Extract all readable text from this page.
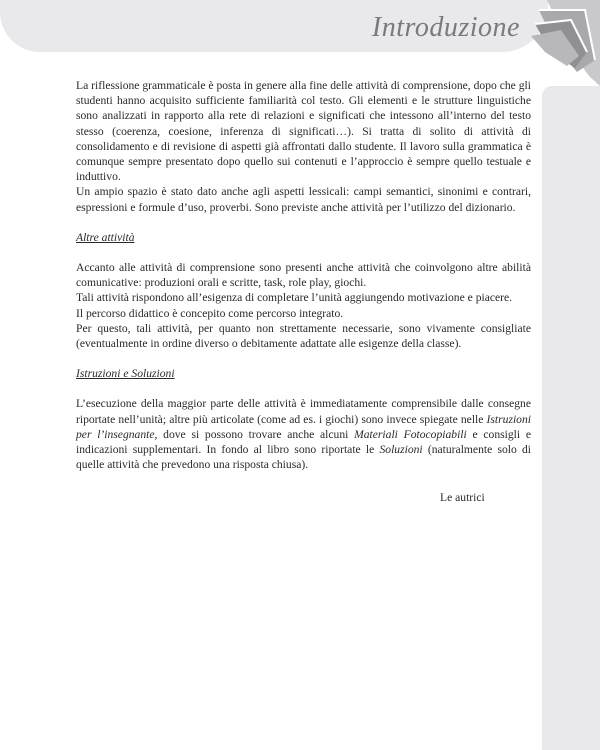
Introduzione

La riflessione grammaticale è posta in genere alla fine delle attività di comprensione, dopo che gli studenti hanno acquisito sufficiente familiarità col testo. Gli elementi e le strutture linguistiche sono analizzati in rapporto alla rete di relazioni e significati che intessono all’interno del testo stesso (coerenza, coesione, inferenza di significati…). Si tratta di solito di attività di consolidamento e di revisione di aspetti già affrontati dallo studente. Il lavoro sulla grammatica è comunque sempre presentato dopo quello sui contenuti e l’approccio è sempre quello testuale e induttivo.

Un ampio spazio è stato dato anche agli aspetti lessicali: campi semantici, sinonimi e contrari, espressioni e formule d’uso, proverbi. Sono previste anche attività per l’utilizzo del dizionario.

Altre attività

Accanto alle attività di comprensione sono presenti anche attività che coinvolgono altre abilità comunicative: produzioni orali e scritte, task, role play, giochi.

Tali attività rispondono all’esigenza di completare l’unità aggiungendo motivazione e piacere.

Il percorso didattico è concepito come percorso integrato.

Per questo, tali attività, per quanto non strettamente necessarie, sono vivamente consigliate (eventualmente in ordine diverso o debitamente adattate alle esigenze della classe).

Istruzioni e Soluzioni

L’esecuzione della maggior parte delle attività è immediatamente comprensibile dalle consegne riportate nell’unità; altre più articolate (come ad es. i giochi) sono invece spiegate nelle Istruzioni per l’insegnante, dove si possono trovare anche alcuni Materiali Fotocopiabili e consigli e indicazioni supplementari. In fondo al libro sono riportate le Soluzioni (naturalmente solo di quelle attività che prevedono una risposta chiusa).

Le autrici
